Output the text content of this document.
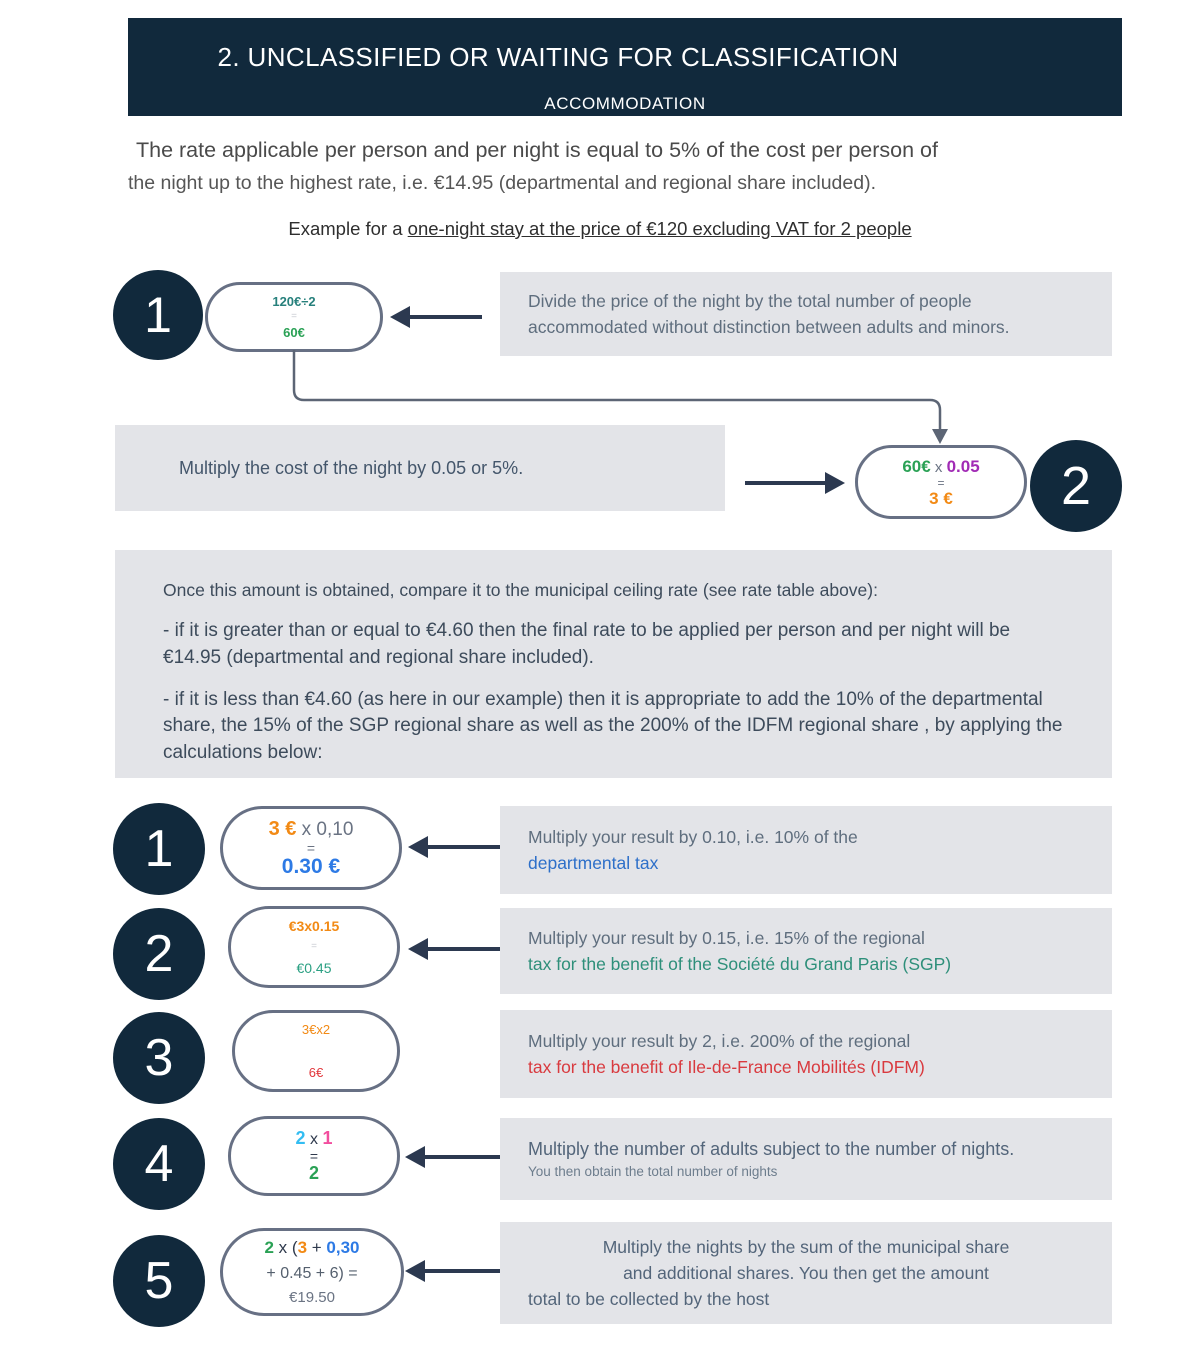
2. UNCLASSIFIED OR WAITING FOR CLASSIFICATION
ACCOMMODATION
The rate applicable per person and per night is equal to 5% of the cost per person of
the night up to the highest rate, i.e. €14.95 (departmental and regional share included).
Example for a one-night stay at the price of €120 excluding VAT for 2 people
1	120€÷2
=
60€
Divide the price of the night by the total number of people accommodated without distinction between adults and minors.
Multiply the cost of the night by 0.05 or 5%.	60€ x 0.05
=
3 € 2

Once this amount is obtained, compare it to the municipal ceiling rate (see rate table above):

- if it is greater than or equal to €4.60 then the final rate to be applied per person and per night will be €14.95 (departmental and regional share included).

- if it is less than €4.60 (as here in our example) then it is appropriate to add the 10% of the departmental share, the 15% of the SGP regional share as well as the 200% of the IDFM regional share , by applying the calculations below:

1	3 € x 0,10
=
0.30 €
Multiply your result by 0.10, i.e. 10% of the
departmental tax
2	€3x0.15
=
€0.45
Multiply your result by 0.15, i.e. 15% of the regional
tax for the benefit of the Société du Grand Paris (SGP)
3	3€x2
6€
Multiply your result by 2, i.e. 200% of the regional
tax for the benefit of Ile-de-France Mobilités (IDFM)
4	2 x 1
=
2
Multiply the number of adults subject to the number of nights.
You then obtain the total number of nights
5
2 x (3 + 0,30
+ 0.45 + 6) =
€19.50
Multiply the nights by the sum of the municipal share
and additional shares. You then get the amount
total to be collected by the host
